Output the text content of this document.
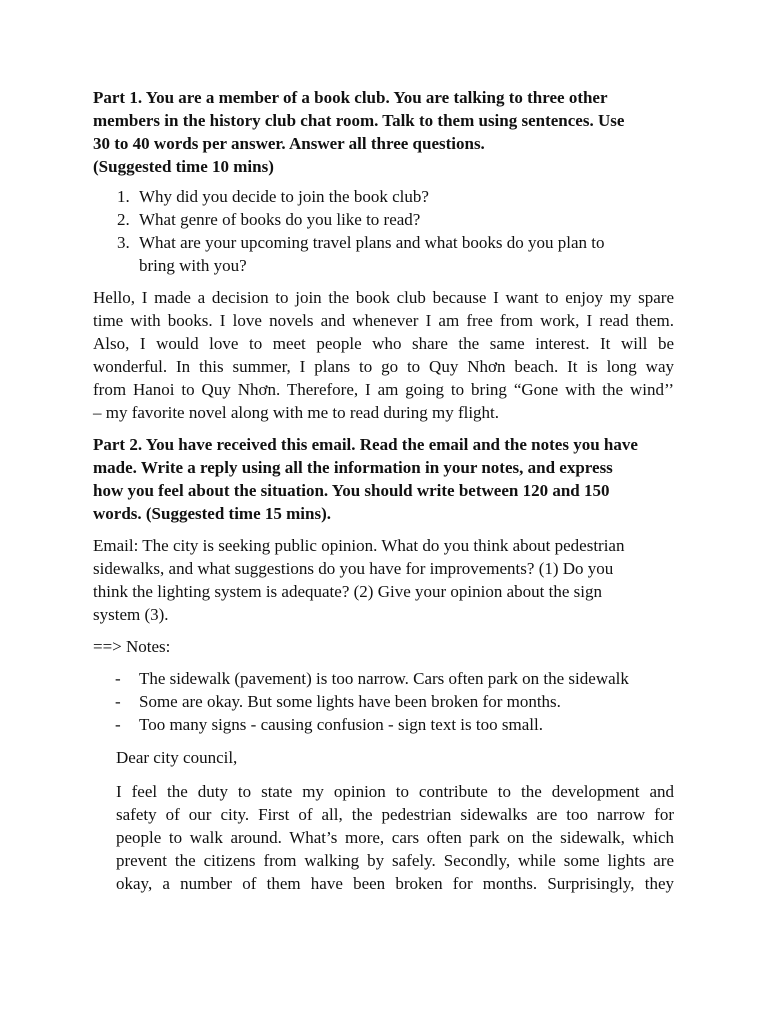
Part 1. You are a member of a book club. You are talking to three other
members in the history club chat room. Talk to them using sentences. Use
30 to 40 words per answer. Answer all three questions.
(Suggested time 10 mins)
1. Why did you decide to join the book club?
2. What genre of books do you like to read?
3. What are your upcoming travel plans and what books do you plan to
bring with you?
Hello, I made a decision to join the book club because I want to enjoy my spare
time with books. I love novels and whenever I am free from work, I read them.
Also, I would love to meet people who share the same interest. It will be
wonderful. In this summer, I plans to go to Quy Nhơn beach. It is long way
from Hanoi to Quy Nhơn. Therefore, I am going to bring “Gone with the wind’’
– my favorite novel along with me to read during my flight.
Part 2. You have received this email. Read the email and the notes you have
made. Write a reply using all the information in your notes, and express
how you feel about the situation. You should write between 120 and 150
words. (Suggested time 15 mins).
Email: The city is seeking public opinion. What do you think about pedestrian
sidewalks, and what suggestions do you have for improvements? (1) Do you
think the lighting system is adequate? (2) Give your opinion about the sign
system (3).
==> Notes:
- The sidewalk (pavement) is too narrow. Cars often park on the sidewalk
- Some are okay. But some lights have been broken for months.
- Too many signs - causing confusion - sign text is too small.
Dear city council,
I feel the duty to state my opinion to contribute to the development and
safety of our city. First of all, the pedestrian sidewalks are too narrow for
people to walk around. What’s more, cars often park on the sidewalk, which
prevent the citizens from walking by safely. Secondly, while some lights are
okay, a number of them have been broken for months. Surprisingly, they
